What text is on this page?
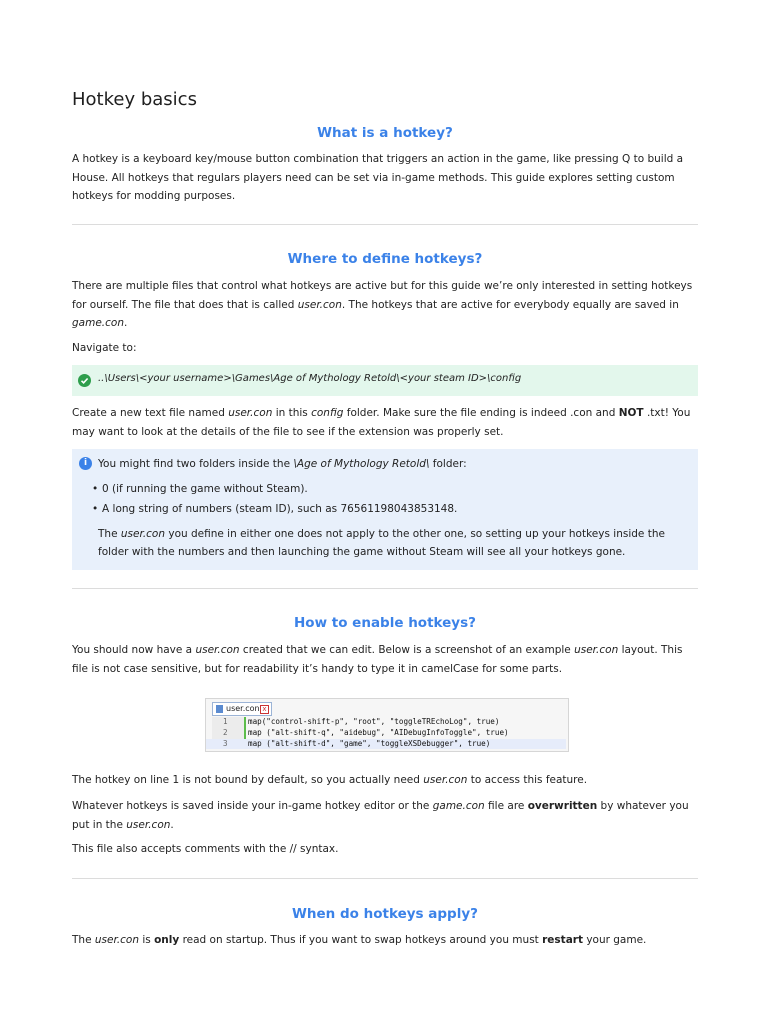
Hotkey basics
What is a hotkey?

A hotkey is a keyboard key/mouse button combination that triggers an action in the game, like pressing Q to build a House. All hotkeys that regulars players need can be set via in-game methods. This guide explores setting custom hotkeys for modding purposes.

Where to define hotkeys?

There are multiple files that control what hotkeys are active but for this guide we’re only interested in setting hotkeys for ourself. The file that does that is called user.con. The hotkeys that are active for everybody equally are saved in game.con.

Navigate to:

..\Users\<your username>\Games\Age of Mythology Retold\<your steam ID>\config

Create a new text file named user.con in this config folder. Make sure the file ending is indeed .con and NOT .txt! You may want to look at the details of the file to see if the extension was properly set.

i	You might find two folders inside the \Age of Mythology Retold\ folder:

• 0 (if running the game without Steam).

• A long string of numbers (steam ID), such as 76561198043853148.

The user.con you define in either one does not apply to the other one, so setting up your hotkeys inside the folder with the numbers and then launching the game without Steam will see all your hotkeys gone.

How to enable hotkeys?

You should now have a user.con created that we can edit. Below is a screenshot of an example user.con layout. This file is not case sensitive, but for readability it’s handy to type it in camelCase for some parts.

user.con x
1	map("control-shift-p", "root", "toggleTREchoLog", true)
2	map ("alt-shift-q", "aidebug", "AIDebugInfoToggle", true)
3	map ("alt-shift-d", "game", "toggleXSDebugger", true)

The hotkey on line 1 is not bound by default, so you actually need user.con to access this feature.

Whatever hotkeys is saved inside your in-game hotkey editor or the game.con file are overwritten by whatever you put in the user.con.

This file also accepts comments with the // syntax.

When do hotkeys apply?

The user.con is only read on startup. Thus if you want to swap hotkeys around you must restart your game.
